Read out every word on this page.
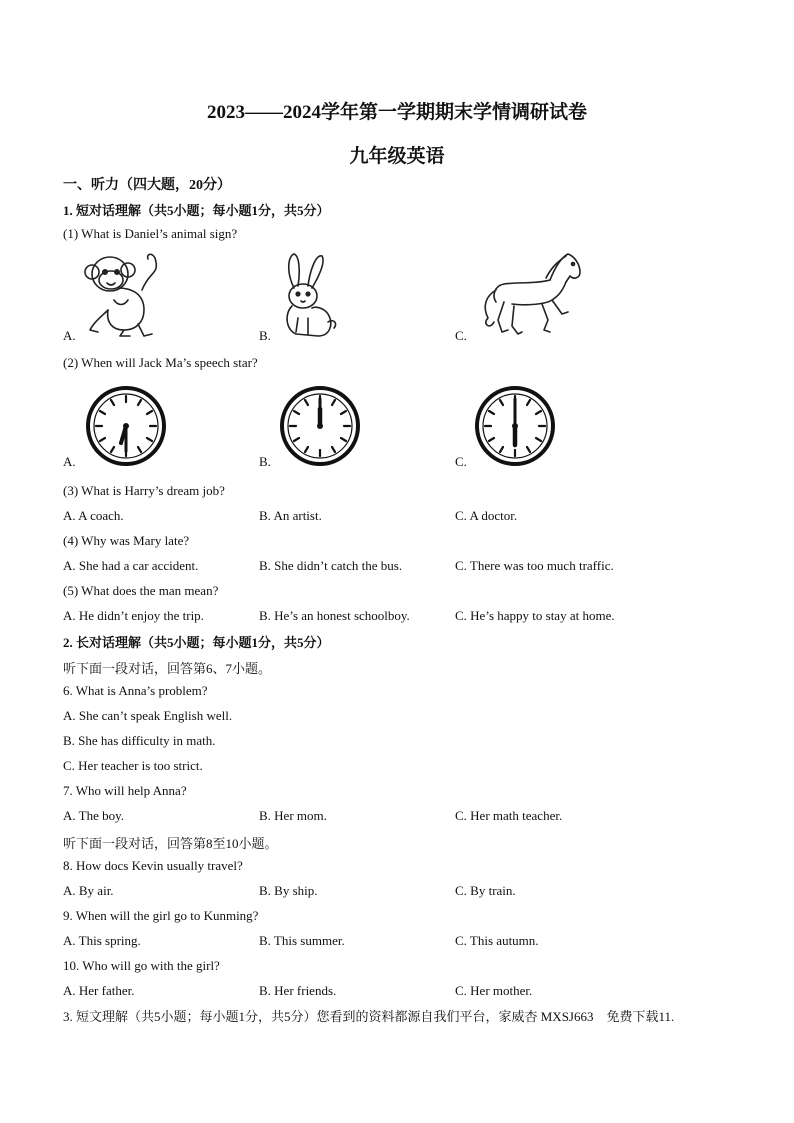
2023——2024学年第一学期期末学情调研试卷
九年级英语
一、听力（四大题，20分）
1. 短对话理解（共5小题；每小题1分，共5分）
(1) What is Daniel’s animal sign?
A.	B.	C.
(2) When will Jack Ma’s speech star?
A.	B.	C.
(3) What is Harry’s dream job?
A. A coach.	B. An artist.	C. A doctor.
(4) Why was Mary late?
A. She had a car accident.	B. She didn’t catch the bus.	C. There was too much traffic.
(5) What does the man mean?
A. He didn’t enjoy the trip.	B. He’s an honest schoolboy.	C. He’s happy to stay at home.
2. 长对话理解（共5小题；每小题1分，共5分）
听下面一段对话，回答第6、7小题。
6. What is Anna’s problem?
A. She can’t speak English well.
B. She has difficulty in math.
C. Her teacher is too strict.
7. Who will help Anna?
A. The boy.	B. Her mom.	C. Her math teacher.
听下面一段对话，回答第8至10小题。
8. How docs Kevin usually travel?
A. By air.	B. By ship.	C. By train.
9. When will the girl go to Kunming?
A. This spring.	B. This summer.	C. This autumn.
10. Who will go with the girl?
A. Her father.	B. Her friends.	C. Her mother.
3. 短文理解（共5小题；每小题1分，共5分）您看到的资料都源自我们平台，家威杏 MXSJ663　免费下载11.
